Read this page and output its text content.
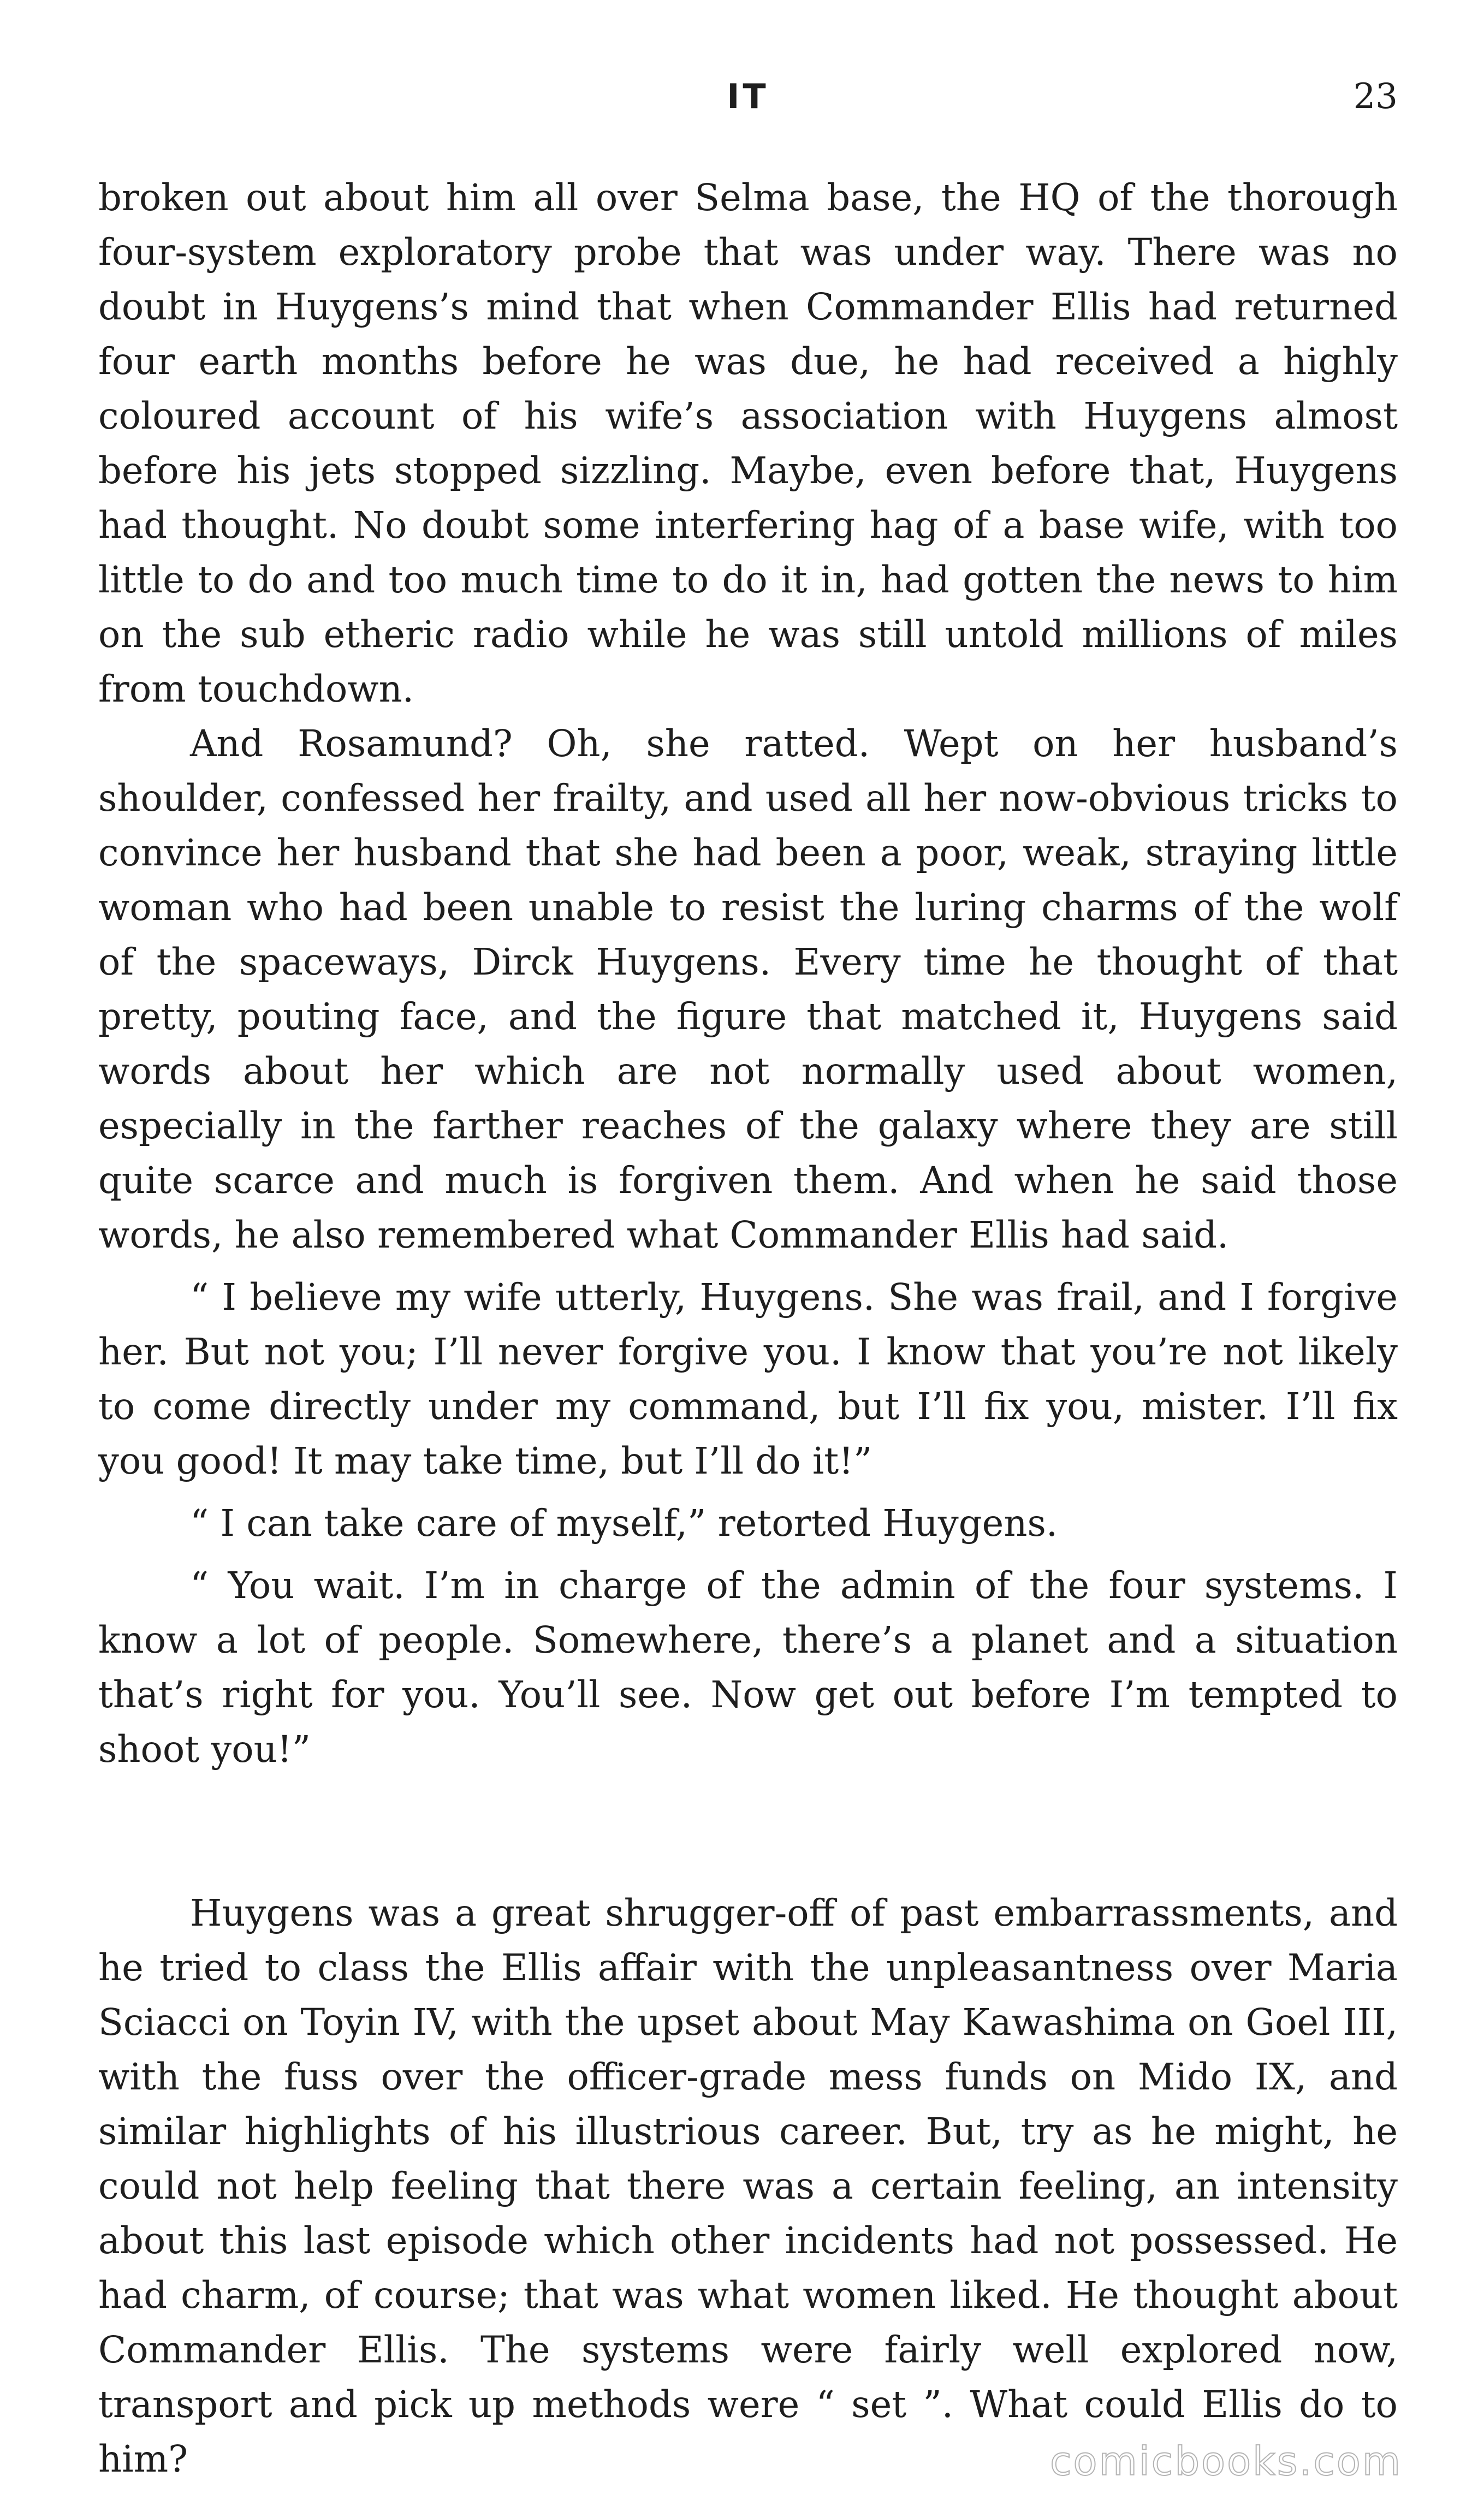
IT	23

broken out about him all over Selma base, the HQ of the thorough four-system exploratory probe that was under way. There was no doubt in Huygens’s mind that when Commander Ellis had returned four earth months before he was due, he had received a highly coloured account of his wife’s association with Huygens almost before his jets stopped sizzling. Maybe, even before that, Huygens had thought. No doubt some interfering hag of a base wife, with too little to do and too much time to do it in, had gotten the news to him on the sub etheric radio while he was still untold millions of miles from touchdown.

And Rosamund? Oh, she ratted. Wept on her husband’s shoulder, confessed her frailty, and used all her now-obvious tricks to convince her husband that she had been a poor, weak, straying little woman who had been unable to resist the luring charms of the wolf of the spaceways, Dirck Huygens. Every time he thought of that pretty, pouting face, and the figure that matched it, Huygens said words about her which are not normally used about women, especially in the farther reaches of the galaxy where they are still quite scarce and much is forgiven them. And when he said those words, he also remembered what Commander Ellis had said.

“ I believe my wife utterly, Huygens. She was frail, and I forgive her. But not you; I’ll never forgive you. I know that you’re not likely to come directly under my command, but I’ll fix you, mister. I’ll fix you good! It may take time, but I’ll do it!”

“ I can take care of myself,” retorted Huygens.

“ You wait. I’m in charge of the admin of the four systems. I know a lot of people. Somewhere, there’s a planet and a situation that’s right for you. You’ll see. Now get out before I’m tempted to shoot you!”

Huygens was a great shrugger-off of past embarrassments, and he tried to class the Ellis affair with the unpleasantness over Maria Sciacci on Toyin IV, with the upset about May Kawashima on Goel III, with the fuss over the officer-grade mess funds on Mido IX, and similar highlights of his illustrious career. But, try as he might, he could not help feeling that there was a certain feeling, an intensity about this last episode which other incidents had not possessed. He had charm, of course; that was what women liked. He thought about Commander Ellis. The systems were fairly well explored now, transport and pick up methods were “ set ”. What could Ellis do to him?	comicbooks.com
